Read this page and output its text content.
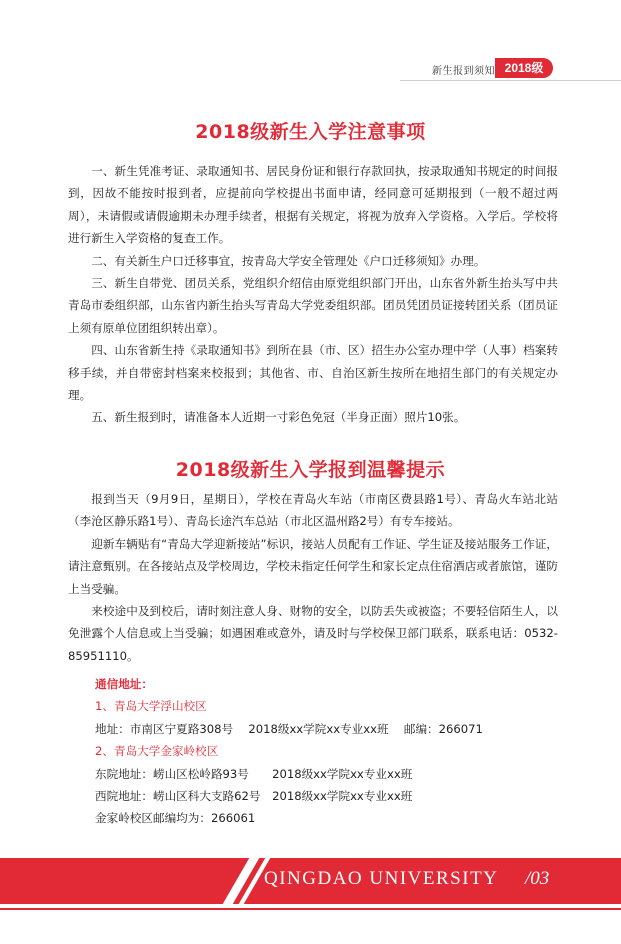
新生报到须知 2018级
2018级新生入学注意事项

一、新生凭准考证、录取通知书、居民身份证和银行存款回执，按录取通知书规定的时间报到，因故不能按时报到者，应提前向学校提出书面申请，经同意可延期报到（一般不超过两周），未请假或请假逾期未办理手续者，根据有关规定，将视为放弃入学资格。入学后。学校将进行新生入学资格的复查工作。

二、有关新生户口迁移事宜，按青岛大学安全管理处《户口迁移须知》办理。

三、新生自带党、团员关系，党组织介绍信由原党组织部门开出，山东省外新生抬头写中共青岛市委组织部，山东省内新生抬头写青岛大学党委组织部。团员凭团员证接转团关系（团员证上须有原单位团组织转出章）。

四、山东省新生持《录取通知书》到所在县（市、区）招生办公室办理中学（人事）档案转移手续，并自带密封档案来校报到；其他省、市、自治区新生按所在地招生部门的有关规定办理。

五、新生报到时，请准备本人近期一寸彩色免冠（半身正面）照片10张。

2018级新生入学报到温馨提示

报到当天（9月9日，星期日），学校在青岛火车站（市南区费县路1号）、青岛火车站北站（李沧区静乐路1号）、青岛长途汽车总站（市北区温州路2号）有专车接站。

迎新车辆贴有“青岛大学迎新接站”标识，接站人员配有工作证、学生证及接站服务工作证，请注意甄别。在各接站点及学校周边，学校未指定任何学生和家长定点住宿酒店或者旅馆，谨防上当受骗。

来校途中及到校后，请时刻注意人身、财物的安全，以防丢失或被盗；不要轻信陌生人，以免泄露个人信息或上当受骗；如遇困难或意外，请及时与学校保卫部门联系，联系电话：0532-85951110。

通信地址：
1、青岛大学浮山校区
地址：市南区宁夏路308号　 2018级xx学院xx专业xx班　 邮编：266071
2、青岛大学金家岭校区
东院地址：崂山区松岭路93号　　2018级xx学院xx专业xx班
西院地址：崂山区科大支路62号　2018级xx学院xx专业xx班
金家岭校区邮编均为：266061
QINGDAO UNIVERSITY /03
